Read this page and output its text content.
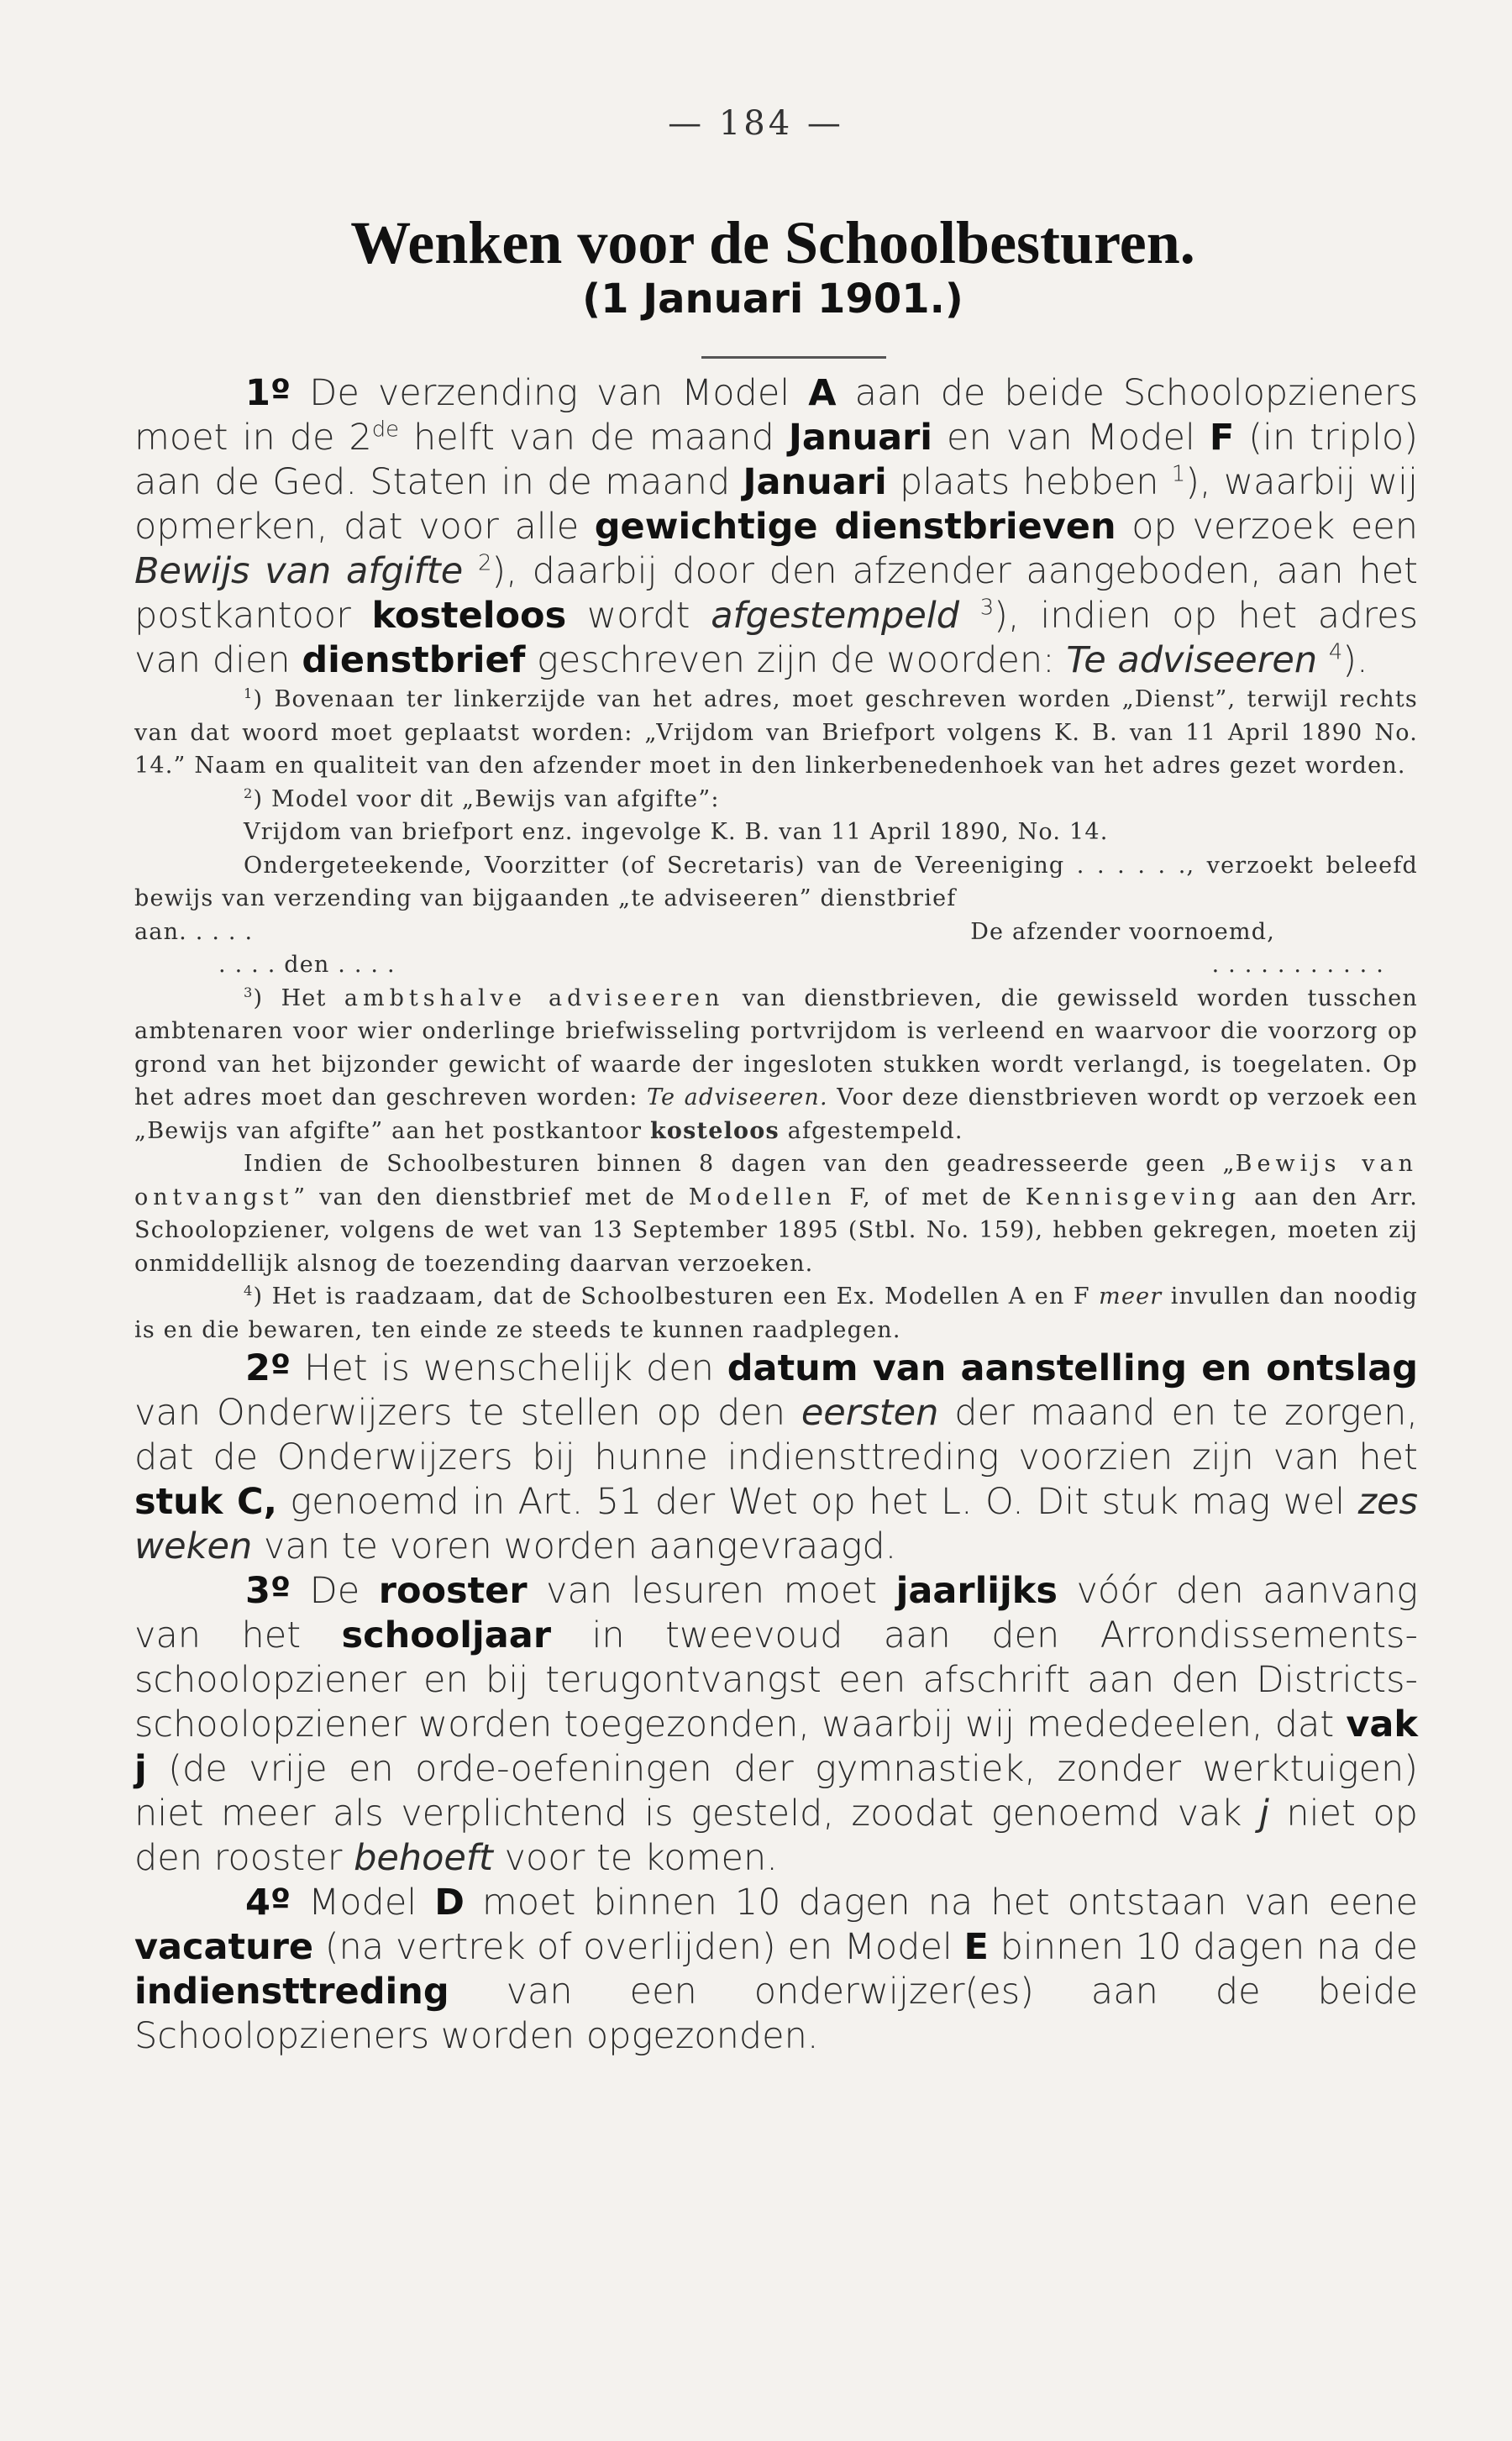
— 184 —
Wenken voor de Schoolbesturen.
(1 Januari 1901.)

1º De verzending van Model A aan de beide Schoolopzieners moet in de 2de helft van de maand Januari en van Model F (in triplo) aan de Ged. Staten in de maand Januari plaats hebben $^1$), waarbij wij opmerken, dat voor alle gewichtige dienstbrieven op verzoek een Bewijs van afgifte $^2$), daarbij door den afzender aangeboden, aan het postkantoor kosteloos wordt afgestempeld $^3$), indien op het adres van dien dienstbrief geschreven zijn de woorden: Te adviseeren $^4$).

$^1$) Bovenaan ter linkerzijde van het adres, moet geschreven worden „Dienst”, terwijl rechts van dat woord moet geplaatst worden: „Vrijdom van Briefport volgens K. B. van 11 April 1890 No. 14.” Naam en qualiteit van den afzender moet in den linkerbenedenhoek van het adres gezet worden.

$^2$) Model voor dit „Bewijs van afgifte”:

Vrijdom van briefport enz. ingevolge K. B. van 11 April 1890, No. 14.

Ondergeteekende, Voorzitter (of Secretaris) van de Vereeniging . . . . . ., verzoekt beleefd bewijs van verzending van bijgaanden „te adviseeren” dienstbrief

aan. . . . .	De afzender voornoemd,
. . . . den . . . .	. . . . . . . . . . .

$^3$) Het ambtshalve adviseeren van dienstbrieven, die gewisseld worden tusschen ambtenaren voor wier onderlinge briefwisseling portvrijdom is verleend en waarvoor die voorzorg op grond van het bijzonder gewicht of waarde der ingesloten stukken wordt verlangd, is toegelaten. Op het adres moet dan geschreven worden: Te adviseeren. Voor deze dienstbrieven wordt op verzoek een „Bewijs van afgifte” aan het postkantoor kosteloos afgestempeld.

Indien de Schoolbesturen binnen 8 dagen van den geadresseerde geen „Bewijs van ontvangst” van den dienstbrief met de Modellen F, of met de Kennisgeving aan den Arr. Schoolopziener, volgens de wet van 13 September 1895 (Stbl. No. 159), hebben gekregen, moeten zij onmiddellijk alsnog de toezending daarvan verzoeken.

$^4$) Het is raadzaam, dat de Schoolbesturen een Ex. Modellen A en F meer invullen dan noodig is en die bewaren, ten einde ze steeds te kunnen raadplegen.

2º Het is wenschelijk den datum van aanstelling en ontslag van Onderwijzers te stellen op den eersten der maand en te zorgen, dat de Onderwijzers bij hunne indiensttreding voorzien zijn van het stuk C, genoemd in Art. 51 der Wet op het L. O. Dit stuk mag wel zes weken van te voren worden aangevraagd.

3º De rooster van lesuren moet jaarlijks vóór den aanvang van het schooljaar in tweevoud aan den Arrondissements-schoolopziener en bij terugontvangst een afschrift aan den Districts-schoolopziener worden toegezonden, waarbij wij mededeelen, dat vak j (de vrije en orde-oefeningen der gymnastiek, zonder werktuigen) niet meer als verplichtend is gesteld, zoodat genoemd vak j niet op den rooster behoeft voor te komen.

4º Model D moet binnen 10 dagen na het ontstaan van eene vacature (na vertrek of overlijden) en Model E binnen 10 dagen na de indiensttreding van een onderwijzer(es) aan de beide Schoolopzieners worden opgezonden.
